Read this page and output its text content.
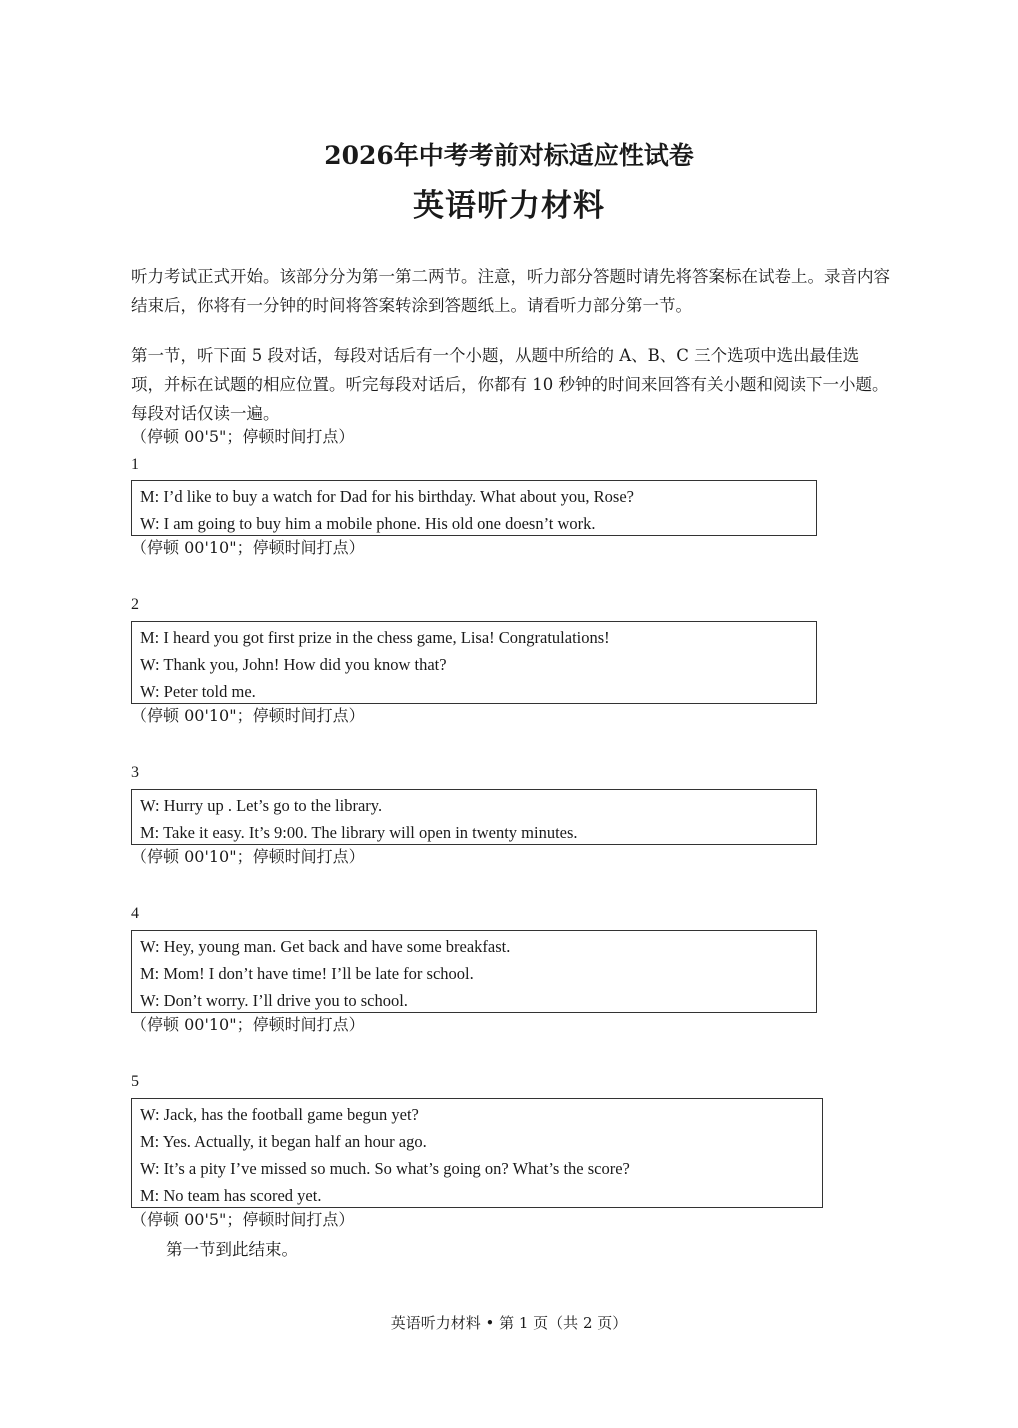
2026年中考考前对标适应性试卷
英语听力材料

听力考试正式开始。该部分分为第一第二两节。注意，听力部分答题时请先将答案标在试卷上。录音内容结束后，你将有一分钟的时间将答案转涂到答题纸上。请看听力部分第一节。

第一节，听下面 5 段对话，每段对话后有一个小题，从题中所给的 A、B、C 三个选项中选出最佳选项，并标在试题的相应位置。听完每段对话后，你都有 10 秒钟的时间来回答有关小题和阅读下一小题。每段对话仅读一遍。

（停顿 00'5"；停顿时间打点）
1
M: I’d like to buy a watch for Dad for his birthday. What about you, Rose?
W: I am going to buy him a mobile phone. His old one doesn’t work.
（停顿 00'10"；停顿时间打点）
2
M: I heard you got first prize in the chess game, Lisa! Congratulations!
W: Thank you, John! How did you know that?
W: Peter told me.
（停顿 00'10"；停顿时间打点）
3
W: Hurry up . Let’s go to the library.
M: Take it easy. It’s 9:00. The library will open in twenty minutes.
（停顿 00'10"；停顿时间打点）
4
W: Hey, young man. Get back and have some breakfast.
M: Mom! I don’t have time! I’ll be late for school.
W: Don’t worry. I’ll drive you to school.
（停顿 00'10"；停顿时间打点）
5
W: Jack, has the football game begun yet?
M: Yes. Actually, it began half an hour ago.
W: It’s a pity I’ve missed so much. So what’s going on? What’s the score?
M: No team has scored yet.
（停顿 00'5"；停顿时间打点）
第一节到此结束。
英语听力材料 • 第 1 页（共 2 页）
